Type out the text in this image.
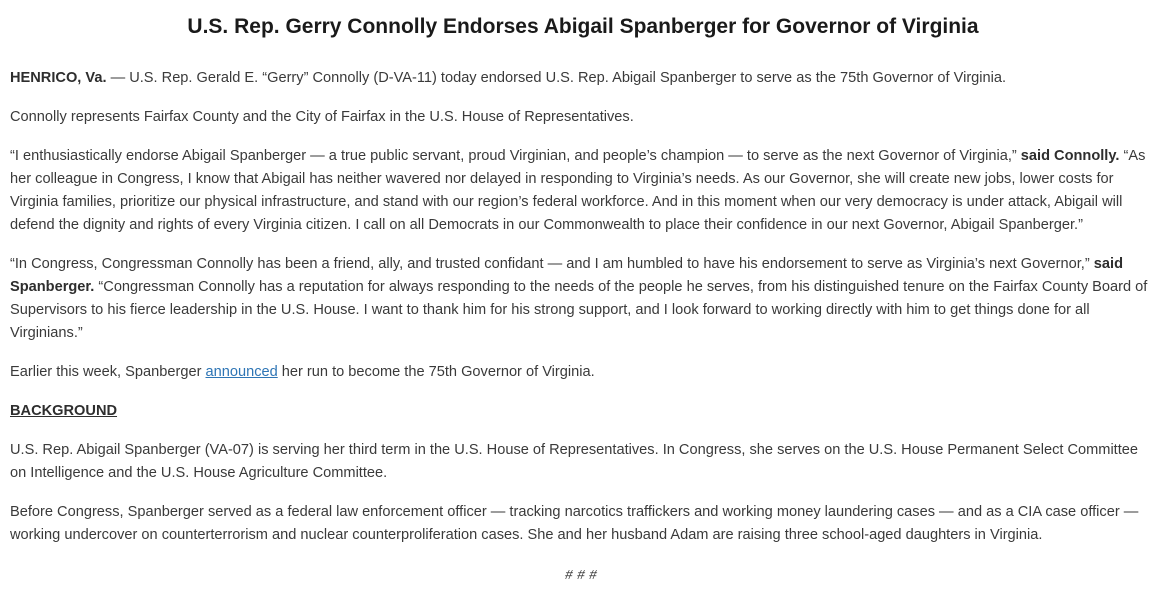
U.S. Rep. Gerry Connolly Endorses Abigail Spanberger for Governor of Virginia

HENRICO, Va. — U.S. Rep. Gerald E. “Gerry” Connolly (D-VA-11) today endorsed U.S. Rep. Abigail Spanberger to serve as the 75th Governor of Virginia.

Connolly represents Fairfax County and the City of Fairfax in the U.S. House of Representatives.

“I enthusiastically endorse Abigail Spanberger — a true public servant, proud Virginian, and people’s champion — to serve as the next Governor of Virginia,” said Connolly. “As her colleague in Congress, I know that Abigail has neither wavered nor delayed in responding to Virginia’s needs. As our Governor, she will create new jobs, lower costs for Virginia families, prioritize our physical infrastructure, and stand with our region’s federal workforce. And in this moment when our very democracy is under attack, Abigail will defend the dignity and rights of every Virginia citizen. I call on all Democrats in our Commonwealth to place their confidence in our next Governor, Abigail Spanberger.”

“In Congress, Congressman Connolly has been a friend, ally, and trusted confidant — and I am humbled to have his endorsement to serve as Virginia’s next Governor,” said Spanberger. “Congressman Connolly has a reputation for always responding to the needs of the people he serves, from his distinguished tenure on the Fairfax County Board of Supervisors to his fierce leadership in the U.S. House. I want to thank him for his strong support, and I look forward to working directly with him to get things done for all Virginians.”

Earlier this week, Spanberger announced her run to become the 75th Governor of Virginia.

BACKGROUND

U.S. Rep. Abigail Spanberger (VA-07) is serving her third term in the U.S. House of Representatives. In Congress, she serves on the U.S. House Permanent Select Committee on Intelligence and the U.S. House Agriculture Committee.

Before Congress, Spanberger served as a federal law enforcement officer — tracking narcotics traffickers and working money laundering cases — and as a CIA case officer — working undercover on counterterrorism and nuclear counterproliferation cases. She and her husband Adam are raising three school-aged daughters in Virginia.

###
